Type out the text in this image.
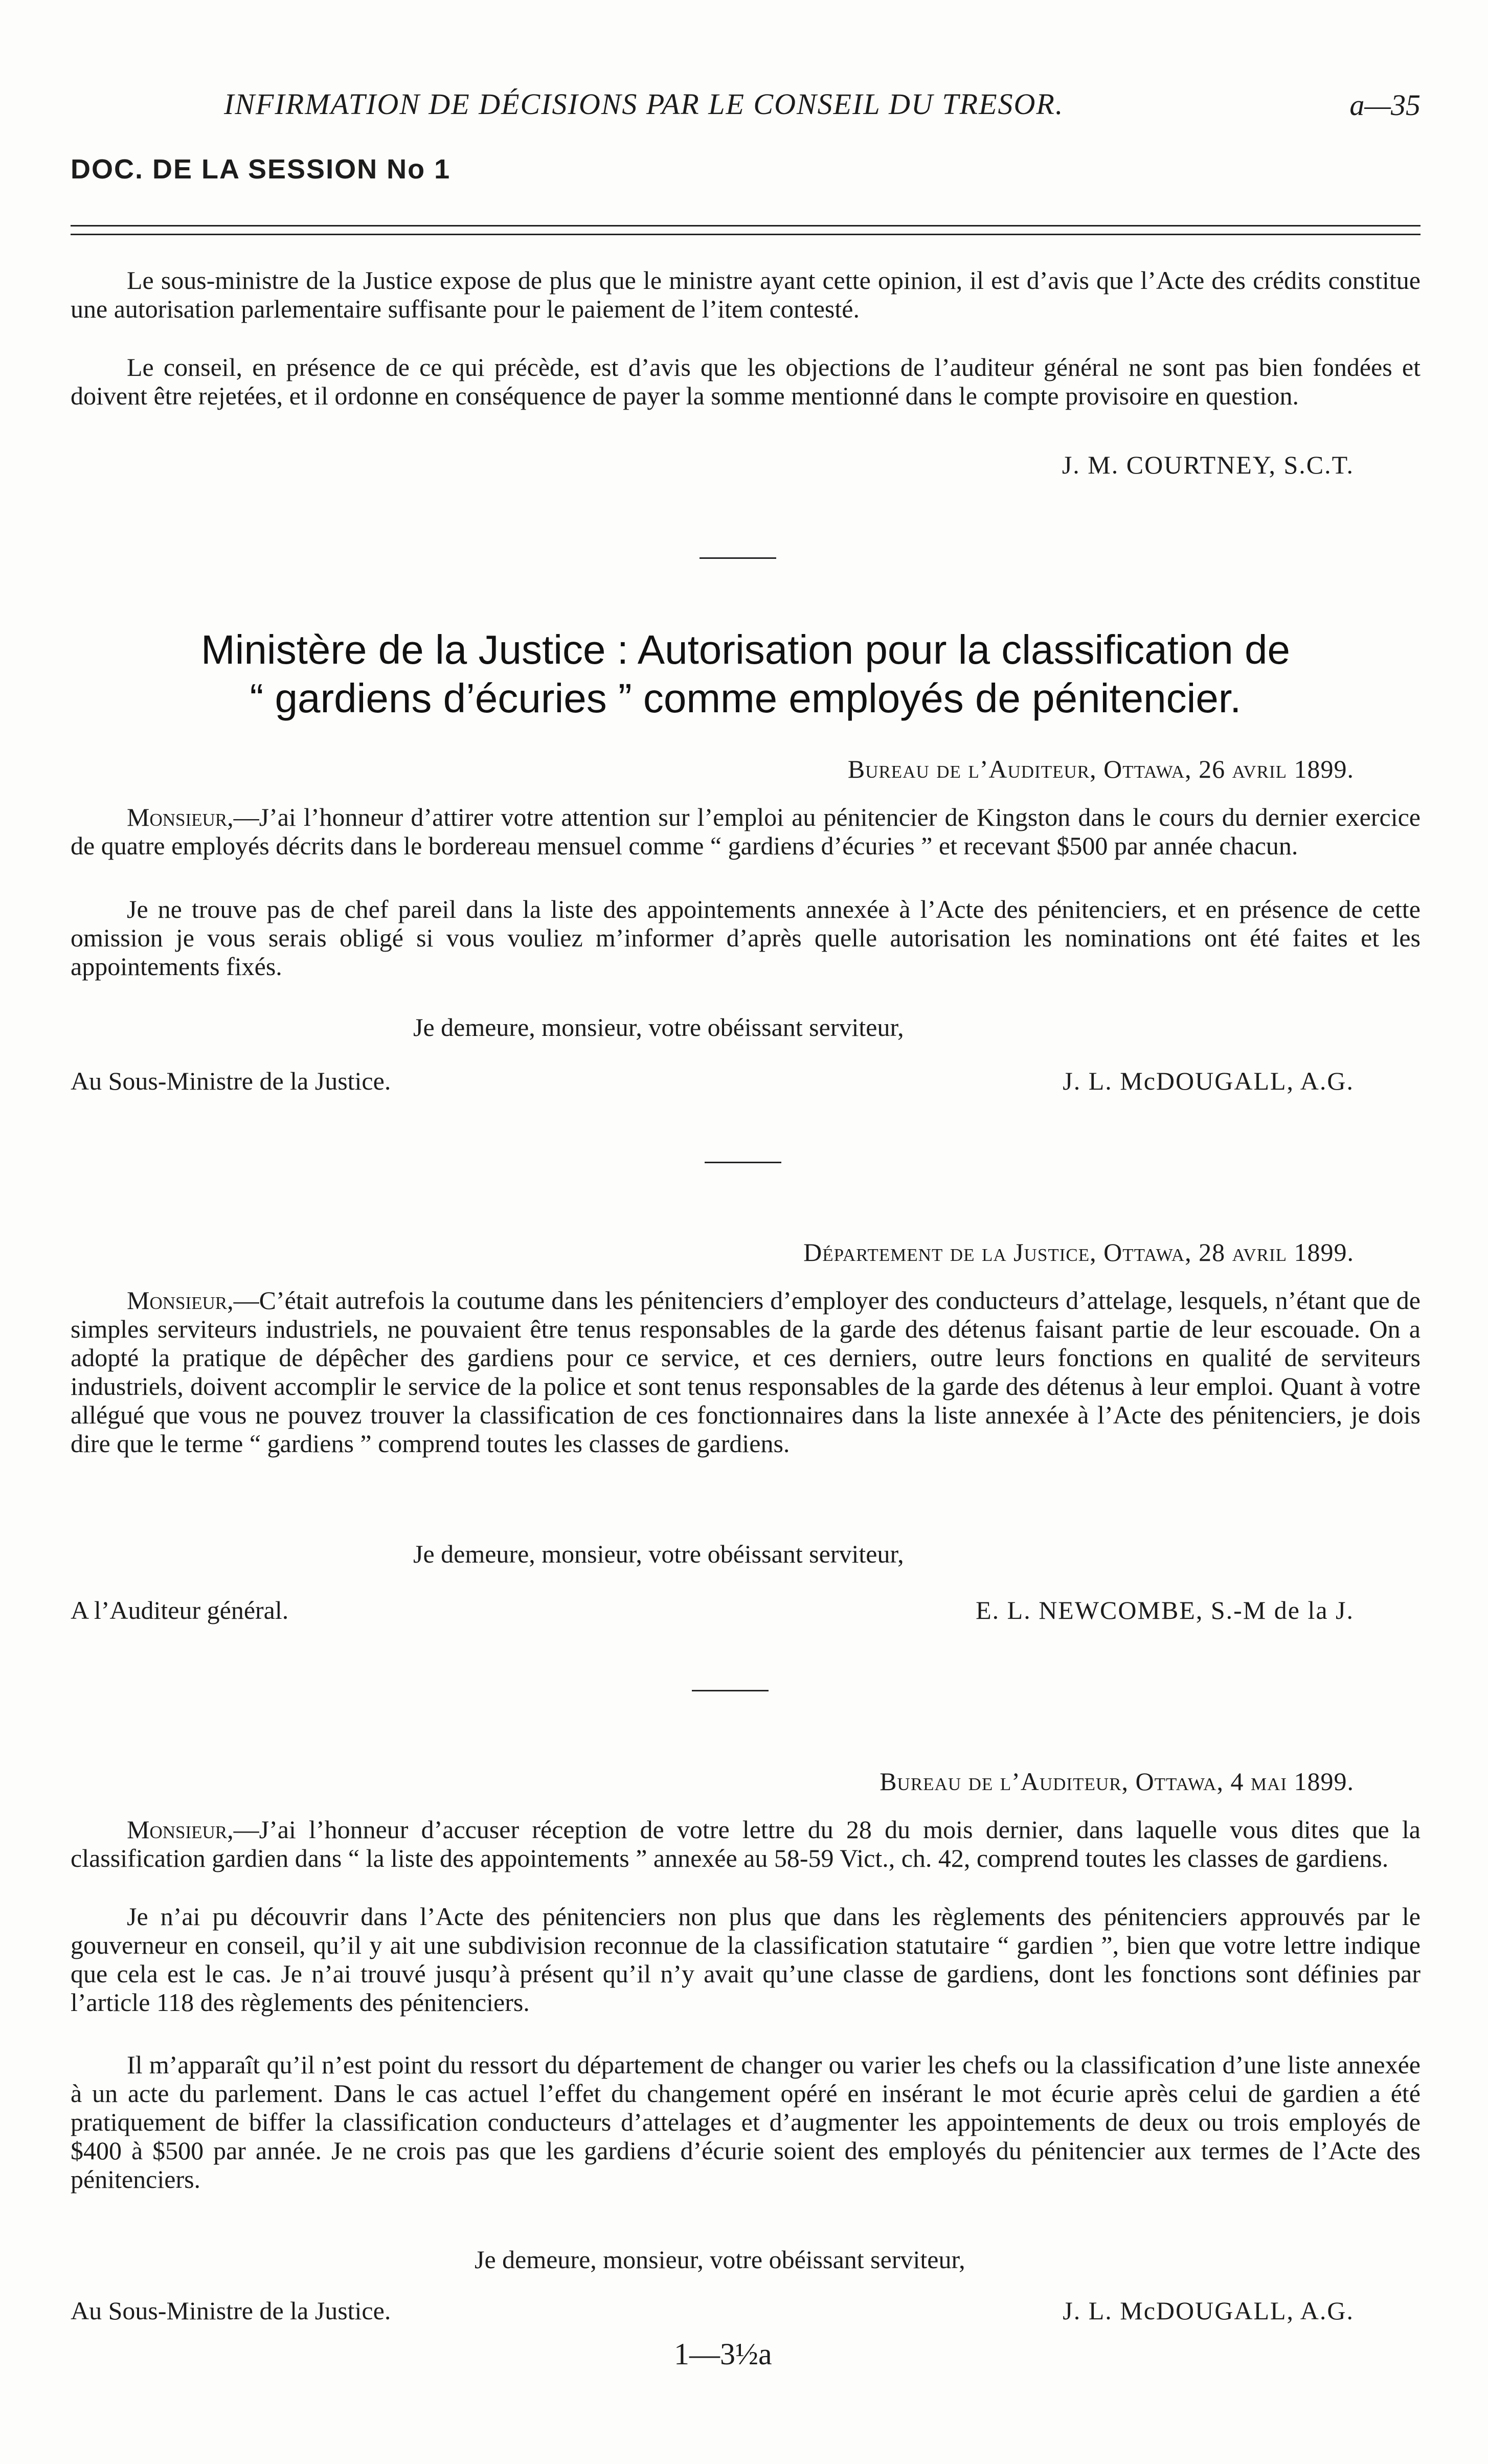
INFIRMATION DE DÉCISIONS PAR LE CONSEIL DU TRESOR.	a—35
DOC. DE LA SESSION No 1

Le sous-ministre de la Justice expose de plus que le ministre ayant cette opinion, il est d’avis que l’Acte des crédits constitue une autorisation parlementaire suffisante pour le paiement de l’item contesté.

Le conseil, en présence de ce qui précède, est d’avis que les objections de l’auditeur général ne sont pas bien fondées et doivent être rejetées, et il ordonne en conséquence de payer la somme mentionné dans le compte provisoire en question.

J. M. COURTNEY, S.C.T.
Ministère de la Justice : Autorisation pour la classification de
“ gardiens d’écuries ” comme employés de pénitencier.
Bureau de l’Auditeur, Ottawa, 26 avril 1899.

Monsieur,—J’ai l’honneur d’attirer votre attention sur l’emploi au pénitencier de Kingston dans le cours du dernier exercice de quatre employés décrits dans le bordereau mensuel comme “ gardiens d’écuries ” et recevant $500 par année chacun.

Je ne trouve pas de chef pareil dans la liste des appointements annexée à l’Acte des pénitenciers, et en présence de cette omission je vous serais obligé si vous vouliez m’informer d’après quelle autorisation les nominations ont été faites et les appointements fixés.

Je demeure, monsieur, votre obéissant serviteur,
Au Sous-Ministre de la Justice.	J. L. McDOUGALL, A.G.
Département de la Justice, Ottawa, 28 avril 1899.

Monsieur,—C’était autrefois la coutume dans les pénitenciers d’employer des conducteurs d’attelage, lesquels, n’étant que de simples serviteurs industriels, ne pouvaient être tenus responsables de la garde des détenus faisant partie de leur escouade. On a adopté la pratique de dépêcher des gardiens pour ce service, et ces derniers, outre leurs fonctions en qualité de serviteurs industriels, doivent accomplir le service de la police et sont tenus responsables de la garde des détenus à leur emploi. Quant à votre allégué que vous ne pouvez trouver la classification de ces fonctionnaires dans la liste annexée à l’Acte des pénitenciers, je dois dire que le terme “ gardiens ” comprend toutes les classes de gardiens.

Je demeure, monsieur, votre obéissant serviteur,
A l’Auditeur général.	E. L. NEWCOMBE, S.-M de la J.
Bureau de l’Auditeur, Ottawa, 4 mai 1899.

Monsieur,—J’ai l’honneur d’accuser réception de votre lettre du 28 du mois dernier, dans laquelle vous dites que la classification gardien dans “ la liste des appointements ” annexée au 58-59 Vict., ch. 42, comprend toutes les classes de gardiens.

Je n’ai pu découvrir dans l’Acte des pénitenciers non plus que dans les règlements des pénitenciers approuvés par le gouverneur en conseil, qu’il y ait une subdivision reconnue de la classification statutaire “ gardien ”, bien que votre lettre indique que cela est le cas. Je n’ai trouvé jusqu’à présent qu’il n’y avait qu’une classe de gardiens, dont les fonctions sont définies par l’article 118 des règlements des pénitenciers.

Il m’apparaît qu’il n’est point du ressort du département de changer ou varier les chefs ou la classification d’une liste annexée à un acte du parlement. Dans le cas actuel l’effet du changement opéré en insérant le mot écurie après celui de gardien a été pratiquement de biffer la classification conducteurs d’attelages et d’augmenter les appointements de deux ou trois employés de $400 à $500 par année. Je ne crois pas que les gardiens d’écurie soient des employés du pénitencier aux termes de l’Acte des pénitenciers.

Je demeure, monsieur, votre obéissant serviteur,
Au Sous-Ministre de la Justice.	J. L. McDOUGALL, A.G.
1—3½a
